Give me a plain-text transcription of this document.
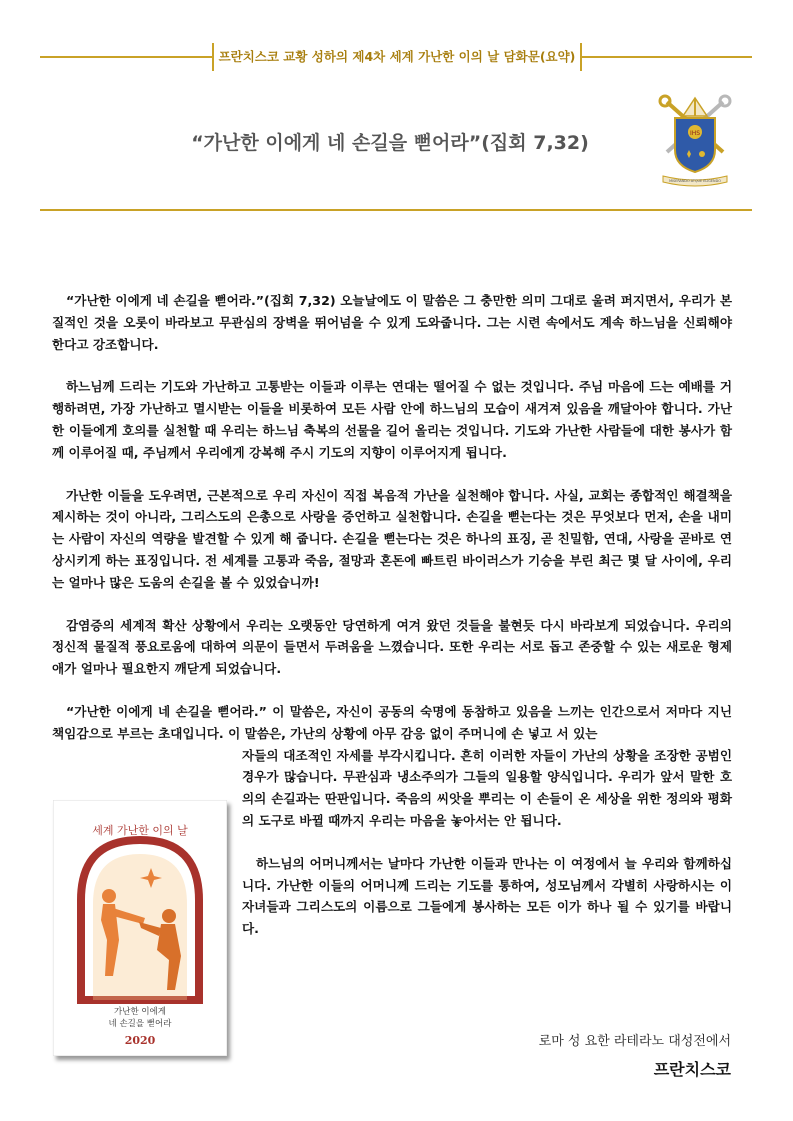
프란치스코 교황 성하의 제4차 세계 가난한 이의 날 담화문(요약)
“가난한 이에게 네 손길을 뻗어라”(집회 7,32)	IHS
MISERANDO ATQUE ELIGENDO

“가난한 이에게 네 손길을 뻗어라.”(집회 7,32) 오늘날에도 이 말씀은 그 충만한 의미 그대로 울려 퍼지면서, 우리가 본질적인 것을 오롯이 바라보고 무관심의 장벽을 뛰어넘을 수 있게 도와줍니다. 그는 시련 속에서도 계속 하느님을 신뢰해야 한다고 강조합니다.

하느님께 드리는 기도와 가난하고 고통받는 이들과 이루는 연대는 떨어질 수 없는 것입니다. 주님 마음에 드는 예배를 거행하려면, 가장 가난하고 멸시받는 이들을 비롯하여 모든 사람 안에 하느님의 모습이 새겨져 있음을 깨달아야 합니다. 가난한 이들에게 호의를 실천할 때 우리는 하느님 축복의 선물을 길어 올리는 것입니다. 기도와 가난한 사람들에 대한 봉사가 함께 이루어질 때, 주님께서 우리에게 강복해 주시 기도의 지향이 이루어지게 됩니다.

가난한 이들을 도우려면, 근본적으로 우리 자신이 직접 복음적 가난을 실천해야 합니다. 사실, 교회는 종합적인 해결책을 제시하는 것이 아니라, 그리스도의 은총으로 사랑을 증언하고 실천합니다. 손길을 뻗는다는 것은 무엇보다 먼저, 손을 내미는 사람이 자신의 역량을 발견할 수 있게 해 줍니다. 손길을 뻗는다는 것은 하나의 표징, 곧 친밀함, 연대, 사랑을 곧바로 연상시키게 하는 표징입니다. 전 세계를 고통과 죽음, 절망과 혼돈에 빠트린 바이러스가 기승을 부린 최근 몇 달 사이에, 우리는 얼마나 많은 도움의 손길을 볼 수 있었습니까!

감염증의 세계적 확산 상황에서 우리는 오랫동안 당연하게 여겨 왔던 것들을 불현듯 다시 바라보게 되었습니다. 우리의 정신적 물질적 풍요로움에 대하여 의문이 들면서 두려움을 느꼈습니다. 또한 우리는 서로 돕고 존중할 수 있는 새로운 형제애가 얼마나 필요한지 깨닫게 되었습니다.

“가난한 이에게 네 손길을 뻗어라.” 이 말씀은, 자신이 공동의 숙명에 동참하고 있음을 느끼는 인간으로서 저마다 지닌 책임감으로 부르는 초대입니다. 이 말씀은, 가난의 상황에 아무 감응 없이 주머니에 손 넣고 서 있는

자들의 대조적인 자세를 부각시킵니다. 흔히 이러한 자들이 가난의 상황을 조장한 공범인 경우가 많습니다. 무관심과 냉소주의가 그들의 일용할 양식입니다. 우리가 앞서 말한 호의의 손길과는 딴판입니다. 죽음의 씨앗을 뿌리는 이 손들이 온 세상을 위한 정의와 평화의 도구로 바뀔 때까지 우리는 마음을 놓아서는 안 됩니다.

하느님의 어머니께서는 날마다 가난한 이들과 만나는 이 여정에서 늘 우리와 함께하십니다. 가난한 이들의 어머니께 드리는 기도를 통하여, 성모님께서 각별히 사랑하시는 이 자녀들과 그리스도의 이름으로 그들에게 봉사하는 모든 이가 하나 될 수 있기를 바랍니다.

세계 가난한 이의 날
가난한 이에게
네 손길을 뻗어라
2020	로마 성 요한 라테라노 대성전에서
프란치스코
